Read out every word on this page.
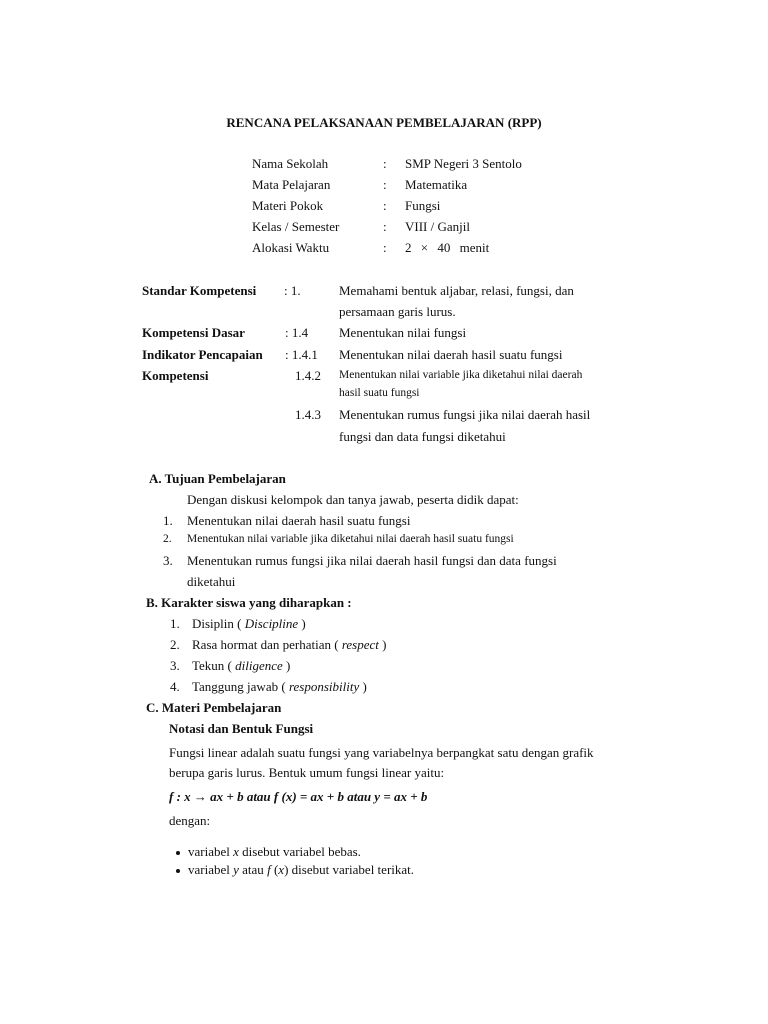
RENCANA PELAKSANAAN PEMBELAJARAN (RPP)
Nama Sekolah	: SMP Negeri 3 Sentolo
Mata Pelajaran	: Matematika
Materi Pokok	: Fungsi
Kelas / Semester	: VIII / Ganjil
Alokasi Waktu	: 2 × 40 menit
Standar Kompetensi : 1.	Memahami bentuk aljabar, relasi, fungsi, dan
persamaan garis lurus.
Kompetensi Dasar	: 1.4 Menentukan nilai fungsi
Indikator Pencapaian : 1.4.1 Menentukan nilai daerah hasil suatu fungsi
Kompetensi	1.4.2 Menentukan nilai variable jika diketahui nilai daerah
hasil suatu fungsi
1.4.3 Menentukan rumus fungsi jika nilai daerah hasil
fungsi dan data fungsi diketahui
A. Tujuan Pembelajaran
Dengan diskusi kelompok dan tanya jawab, peserta didik dapat:
1. Menentukan nilai daerah hasil suatu fungsi
2. Menentukan nilai variable jika diketahui nilai daerah hasil suatu fungsi
3. Menentukan rumus fungsi jika nilai daerah hasil fungsi dan data fungsi
diketahui
B. Karakter siswa yang diharapkan :
1. Disiplin ( Discipline )
2. Rasa hormat dan perhatian ( respect )
3. Tekun ( diligence )
4. Tanggung jawab ( responsibility )
C. Materi Pembelajaran
Notasi dan Bentuk Fungsi
Fungsi linear adalah suatu fungsi yang variabelnya berpangkat satu dengan grafik
berupa garis lurus. Bentuk umum fungsi linear yaitu:
f : x → ax + b atau f (x) = ax + b atau y = ax + b
dengan:
variabel x disebut variabel bebas.
variabel y atau f (x) disebut variabel terikat.
